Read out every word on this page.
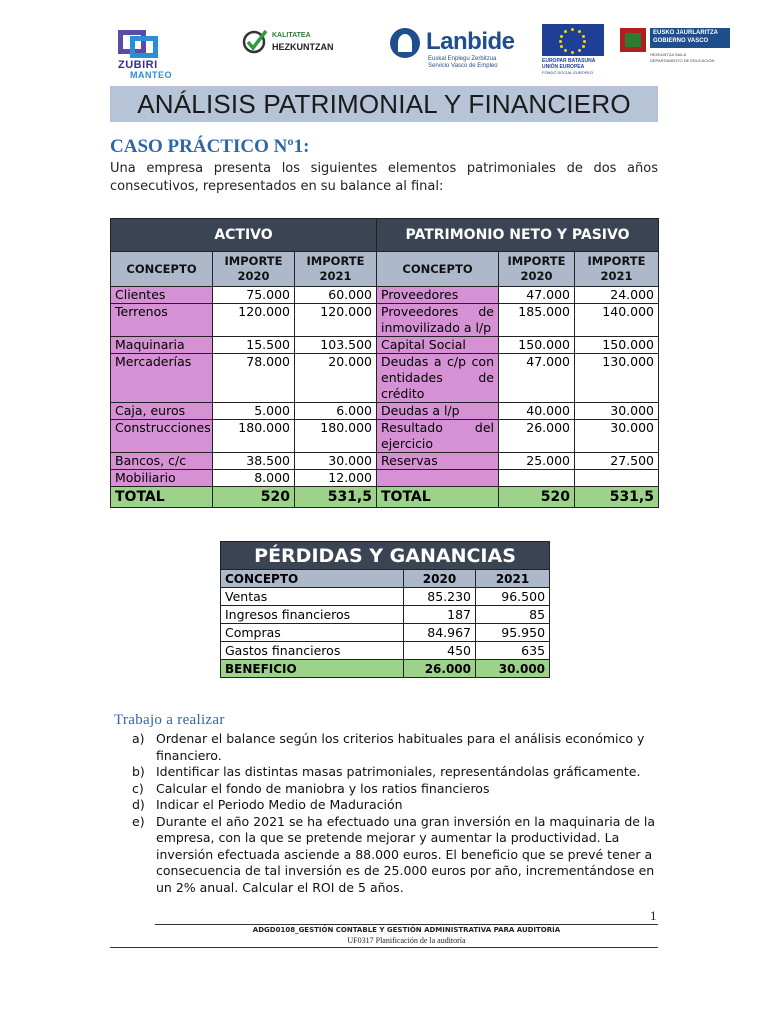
ZUBIRI
MANTEO
KALITATEA
HEZKUNTZAN	Lanbide
Euskal Enplegu Zerbitzua
Servicio Vasco de Empleo
EUROPAR BATASUNA
UNIÓN EUROPEA
FONDO SOCIAL EUROPEO
EUSKO JAURLARITZA
GOBIERNO VASCO
HEZKUNTZA SAILA
DEPARTAMENTO DE EDUCACIÓN
ANÁLISIS PATRIMONIAL Y FINANCIERO
CASO PRÁCTICO Nº1:
Una empresa presenta los siguientes elementos patrimoniales de dos años consecutivos, representados en su balance al final:
ACTIVO			PATRIMONIO NETO Y PASIVO		
CONCEPTO	IMPORTE 2020	IMPORTE 2021	CONCEPTO	IMPORTE 2020	IMPORTE 2021
Clientes	75.000	60.000	Proveedores	47.000	24.000
Terrenos	120.000	120.000	Proveedores de inmovilizado a l/p	185.000	140.000
Maquinaria	15.500	103.500	Capital Social	150.000	150.000
Mercaderías	78.000	20.000	Deudas a c/p con entidades de crédito	47.000	130.000
Caja, euros	5.000	6.000	Deudas a l/p	40.000	30.000
Construcciones	180.000	180.000	Resultado del ejercicio	26.000	30.000
Bancos, c/c	38.500	30.000	Reservas	25.000	27.500
Mobiliario	8.000	12.000			
TOTAL	520	531,5	TOTAL	520	531,5
PÉRDIDAS Y GANANCIAS		
CONCEPTO	2020	2021
Ventas	85.230	96.500
Ingresos financieros	187	85
Compras	84.967	95.950
Gastos financieros	450	635
BENEFICIO	26.000	30.000
Trabajo a realizar
a) Ordenar el balance según los criterios habituales para el análisis económico y financiero.
b) Identificar las distintas masas patrimoniales, representándolas gráficamente.
c) Calcular el fondo de maniobra y los ratios financieros
d) Indicar el Periodo Medio de Maduración
e) Durante el año 2021 se ha efectuado una gran inversión en la maquinaria de la empresa, con la que se pretende mejorar y aumentar la productividad. La inversión efectuada asciende a 88.000 euros. El beneficio que se prevé tener a consecuencia de tal inversión es de 25.000 euros por año, incrementándose en un 2% anual. Calcular el ROI de 5 años.
1
ADGD0108_GESTIÓN CONTABLE Y GESTIÓN ADMINISTRATIVA PARA AUDITORÍA
UF0317 Planificación de la auditoría
